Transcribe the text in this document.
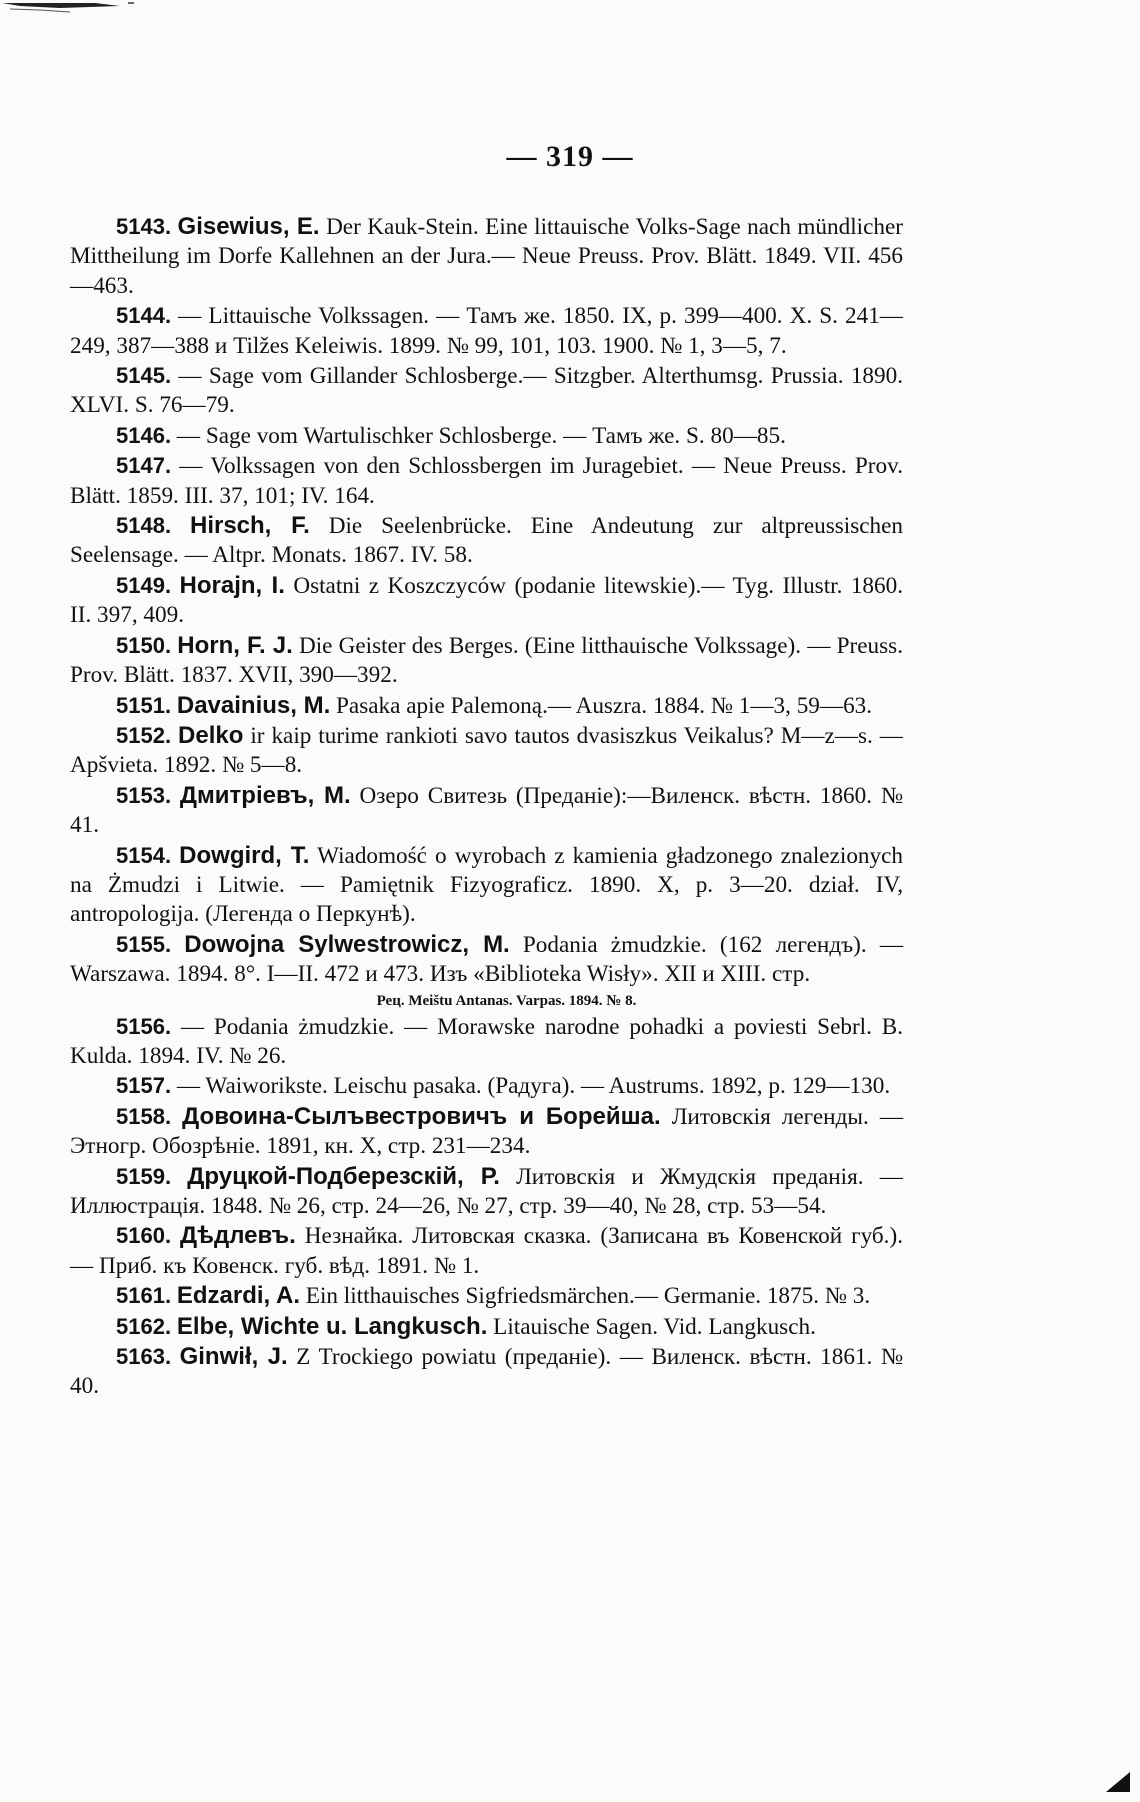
— 319 —

5143. Gisewius, E. Der Kauk-Stein. Eine littauische Volks-Sage nach mündlicher Mittheilung im Dorfe Kallehnen an der Jura.— Neue Preuss. Prov. Blätt. 1849. VII. 456—463.

5144. — Littauische Volkssagen. — Тамъ же. 1850. IX, p. 399—400. X. S. 241—249, 387—388 и Tilžes Keleiwis. 1899. № 99, 101, 103. 1900. № 1, 3—5, 7.

5145. — Sage vom Gillander Schlosberge.— Sitzgber. Alterthumsg. Prussia. 1890. XLVI. S. 76—79.

5146. — Sage vom Wartulischker Schlosberge. — Тамъ же. S. 80—85.

5147. — Volkssagen von den Schlossbergen im Juragebiet. — Neue Preuss. Prov. Blätt. 1859. III. 37, 101; IV. 164.

5148. Hirsch, F. Die Seelenbrücke. Eine Andeutung zur altpreussischen Seelensage. — Altpr. Monats. 1867. IV. 58.

5149. Horajn, I. Ostatni z Koszczyców (podanie litewskie).— Tyg. Illustr. 1860. II. 397, 409.

5150. Horn, F. J. Die Geister des Berges. (Eine litthauische Volkssage). — Preuss. Prov. Blätt. 1837. XVII, 390—392.

5151. Davainius, M. Pasaka apie Palemoną.— Auszra. 1884. № 1—3, 59—63.

5152. Delko ir kaip turime rankioti savo tautos dvasiszkus Veikalus? M—z—s. — Apšvieta. 1892. № 5—8.

5153. Дмитріевъ, М. Озеро Свитезь (Преданіе):—Виленск. вѣстн. 1860. № 41.

5154. Dowgird, T. Wiadomość o wyrobach z kamienia gładzonego znalezionych na Żmudzi i Litwie. — Pamiętnik Fizyograficz. 1890. X, p. 3—20. dział. IV, antropologija. (Легенда о Перкунѣ).

5155. Dowojna Sylwestrowicz, M. Podania żmudzkie. (162 легендъ). — Warszawa. 1894. 8°. I—II. 472 и 473. Изъ «Biblioteka Wisły». XII и XIII. стр.

Рец. Meištu Antanas. Varpas. 1894. № 8.

5156. — Podania żmudzkie. — Morawske narodne pohadki a poviesti Sebrl. B. Kulda. 1894. IV. № 26.

5157. — Waiworikste. Leischu pasaka. (Радуга). — Austrums. 1892, p. 129—130.

5158. Довоина-Сылъвестровичъ и Борейша. Литовскія легенды. — Этногр. Обозрѣніе. 1891, кн. X, стр. 231—234.

5159. Друцкой-Подберезскій, Р. Литовскія и Жмудскія преданія. — Иллюстрація. 1848. № 26, стр. 24—26, № 27, стр. 39—40, № 28, стр. 53—54.

5160. Дѣдлевъ. Незнайка. Литовская сказка. (Записана въ Ковенской губ.). — Приб. къ Ковенск. губ. вѣд. 1891. № 1.

5161. Edzardi, A. Ein litthauisches Sigfriedsmärchen.— Germanie. 1875. № 3.

5162. Elbe, Wichte u. Langkusch. Litauische Sagen. Vid. Langkusch.

5163. Ginwił, J. Z Trockiego powiatu (преданіе). — Виленск. вѣстн. 1861. № 40.
